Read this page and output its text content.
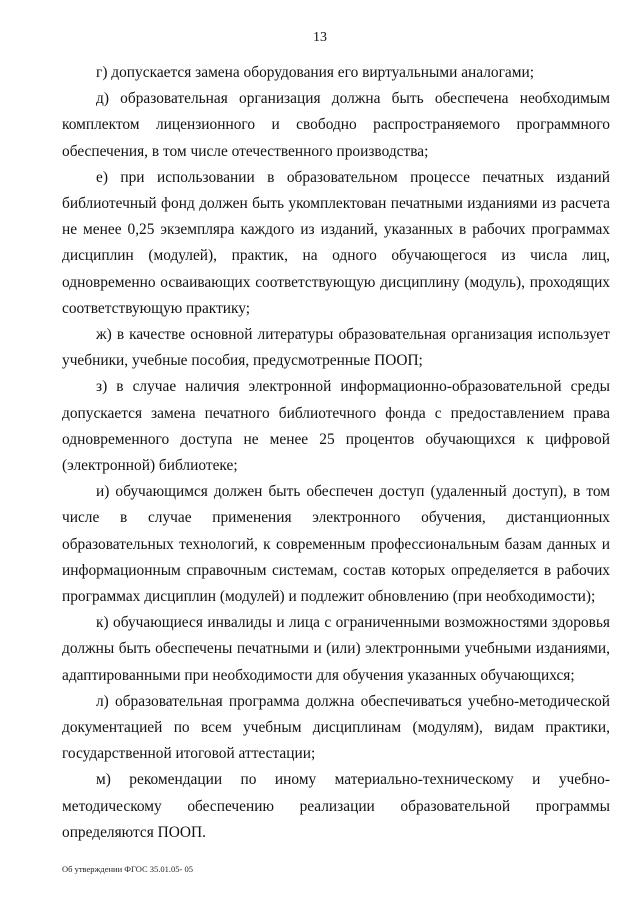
13

г) допускается замена оборудования его виртуальными аналогами;

д) образовательная организация должна быть обеспечена необходимым комплектом лицензионного и свободно распространяемого программного обеспечения, в том числе отечественного производства;

е) при использовании в образовательном процессе печатных изданий библиотечный фонд должен быть укомплектован печатными изданиями из расчета не менее 0,25 экземпляра каждого из изданий, указанных в рабочих программах дисциплин (модулей), практик, на одного обучающегося из числа лиц, одновременно осваивающих соответствующую дисциплину (модуль), проходящих соответствующую практику;

ж) в качестве основной литературы образовательная организация использует учебники, учебные пособия, предусмотренные ПООП;

з) в случае наличия электронной информационно-образовательной среды допускается замена печатного библиотечного фонда с предоставлением права одновременного доступа не менее 25 процентов обучающихся к цифровой (электронной) библиотеке;

и) обучающимся должен быть обеспечен доступ (удаленный доступ), в том числе в случае применения электронного обучения, дистанционных образовательных технологий, к современным профессиональным базам данных и информационным справочным системам, состав которых определяется в рабочих программах дисциплин (модулей) и подлежит обновлению (при необходимости);

к) обучающиеся инвалиды и лица с ограниченными возможностями здоровья должны быть обеспечены печатными и (или) электронными учебными изданиями, адаптированными при необходимости для обучения указанных обучающихся;

л) образовательная программа должна обеспечиваться учебно-методической документацией по всем учебным дисциплинам (модулям), видам практики, государственной итоговой аттестации;

м) рекомендации по иному материально-техническому и учебно-методическому обеспечению реализации образовательной программы определяются ПООП.

Об утверждении ФГОС 35.01.05- 05
